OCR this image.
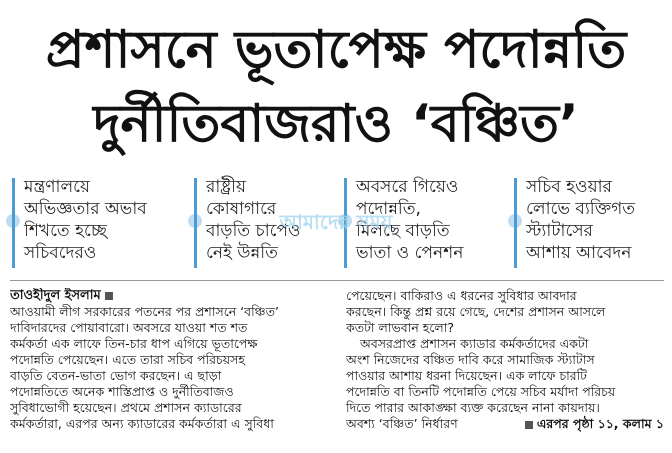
প্রশাসনে ভূতাপেক্ষ পদোন্নতি
দুর্নীতিবাজরাও ‘বঞ্চিত’

মন্ত্রণালয়ে

অভিজ্ঞতার অভাব

শিখতে হচ্ছে

সচিবদেরও

রাষ্ট্রীয়

কোষাগারে

বাড়তি চাপেও

নেই উন্নতি

অবসরে গিয়েও

পদোন্নতি,

মিলছে বাড়তি

ভাতা ও পেনশন

সচিব হওয়ার

লোভে ব্যক্তিগত

স্ট্যাটাসের

আশায় আবেদন

আমাদের সময়

তাওহীদুল ইসলাম

আওয়ামী লীগ সরকারের পতনের পর প্রশাসনে ‘বঞ্চিত’

দাবিদারদের পোয়াবারো। অবসরে যাওয়া শত শত

কর্মকর্তা এক লাফে তিন-চার ধাপ এগিয়ে ভূতাপেক্ষ

পদোন্নতি পেয়েছেন। এতে তারা সচিব পরিচয়সহ

বাড়তি বেতন-ভাতা ভোগ করছেন। এ ছাড়া

পদোন্নতিতে অনেক শাস্তিপ্রাপ্ত ও দুর্নীতিবাজও

সুবিধাভোগী হয়েছেন। প্রথমে প্রশাসন ক্যাডারের

কর্মকর্তারা, এরপর অন্য ক্যাডারের কর্মকর্তারা এ সুবিধা

পেয়েছেন। বাকিরাও এ ধরনের সুবিধার আবদার

করছেন। কিন্তু প্রশ্ন রয়ে গেছে, দেশের প্রশাসন আসলে

কতটা লাভবান হলো?

অবসরপ্রাপ্ত প্রশাসন ক্যাডার কর্মকর্তাদের একটা

অংশ নিজেদের বঞ্চিত দাবি করে সামাজিক স্ট্যাটাস

পাওয়ার আশায় ধরনা দিয়েছেন। এক লাফে চারটি

পদোন্নতি বা তিনটি পদোন্নতি পেয়ে সচিব মর্যাদা পরিচয়

দিতে পারার আকাঙ্ক্ষা ব্যক্ত করেছেন নানা কায়দায়।

অবশ্য ‘বঞ্চিত’ নির্ধারণ	এরপর পৃষ্ঠা ১১, কলাম ১
